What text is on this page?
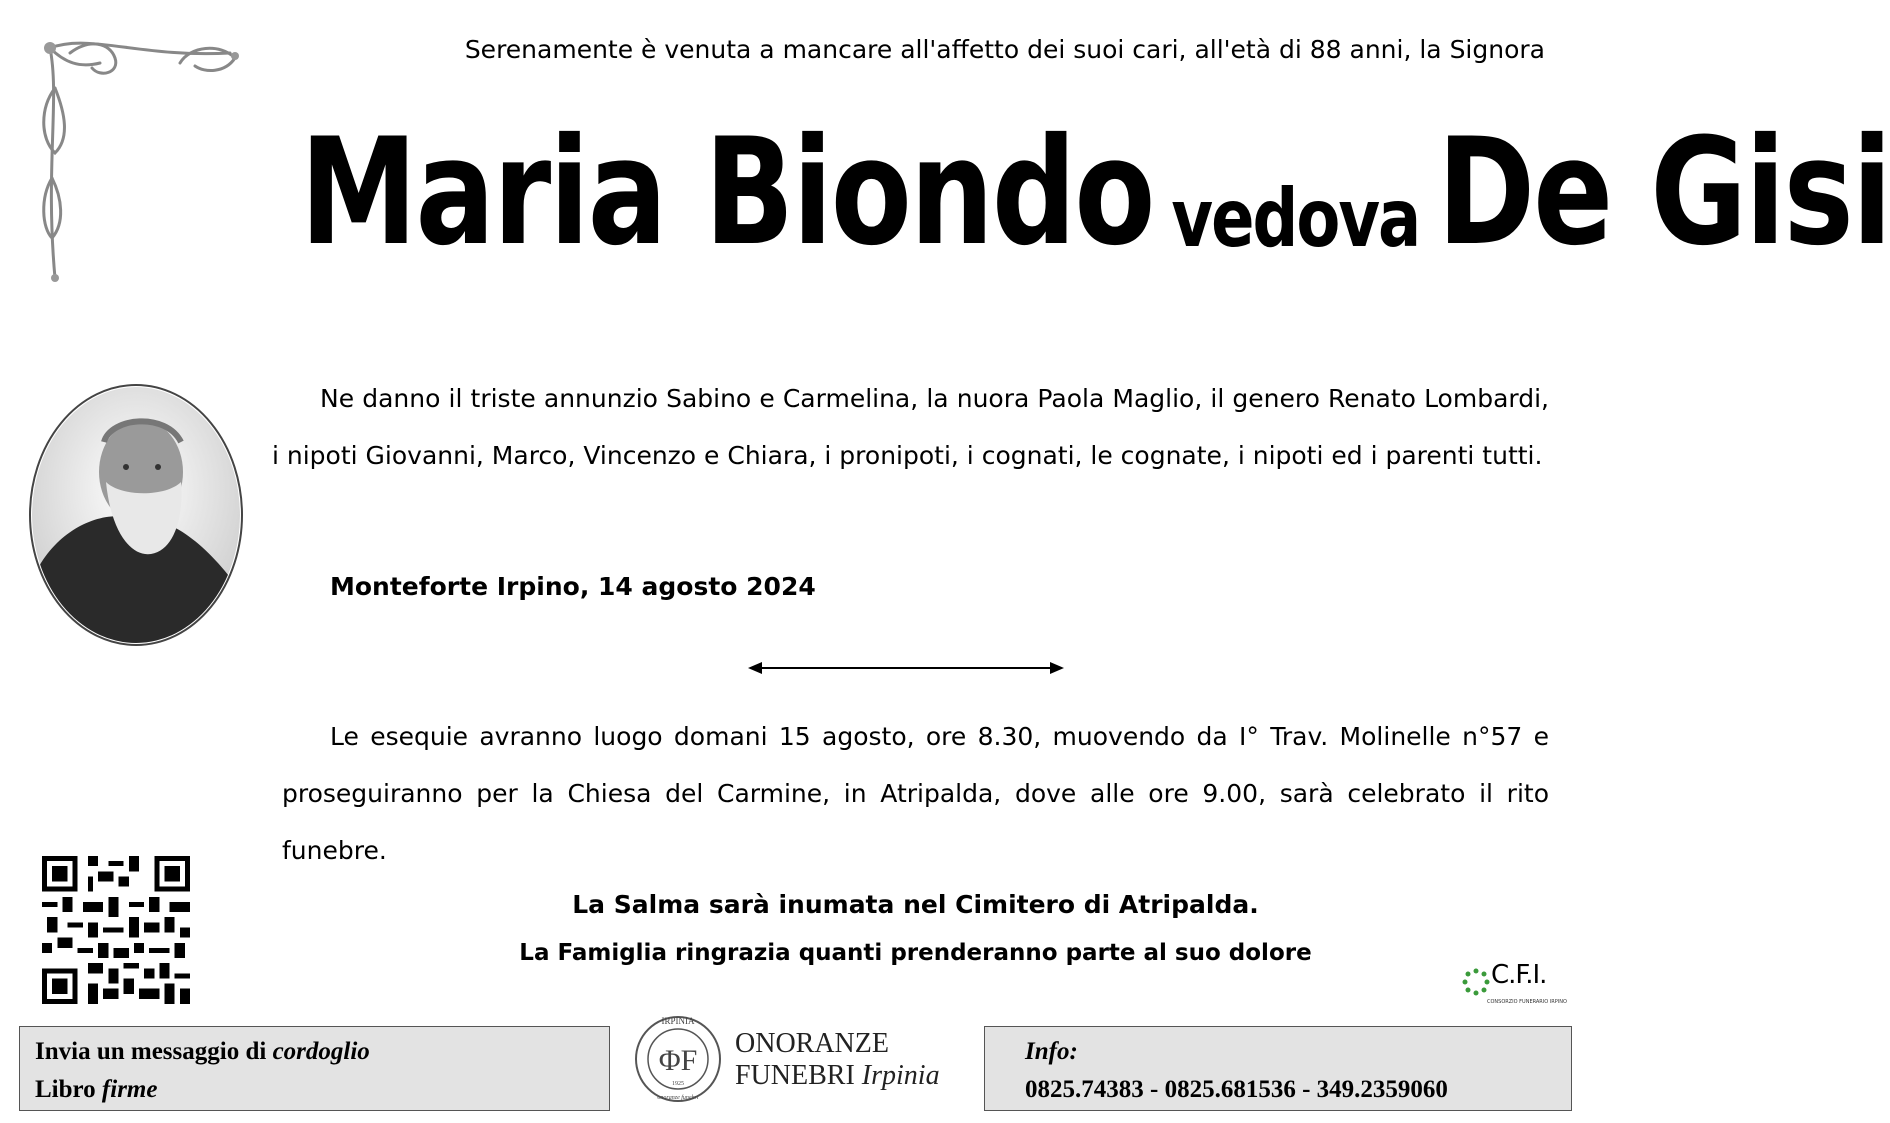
Serenamente è venuta a mancare all'affetto dei suoi cari, all'età di 88 anni, la Signora
Maria Biondo vedova De Gisi
Ne danno il triste annunzio Sabino e Carmelina, la nuora Paola Maglio, il genero Renato Lombardi, i nipoti Giovanni, Marco, Vincenzo e Chiara, i pronipoti, i cognati, le cognate, i nipoti ed i parenti tutti.
Monteforte Irpino, 14 agosto 2024
Le esequie avranno luogo domani 15 agosto, ore 8.30, muovendo da I° Trav. Molinelle n°57 e proseguiranno per la Chiesa del Carmine, in Atripalda, dove alle ore 9.00, sarà celebrato il rito funebre.
La Salma sarà inumata nel Cimitero di Atripalda.
La Famiglia ringrazia quanti prenderanno parte al suo dolore
C.F.I.
CONSORZIO FUNERARIO IRPINO
Invia un messaggio di cordoglio
Libro firme
IRPINIA
ΦF
1925
onoranze funebri
ONORANZE
FUNEBRI Irpinia
Info:
0825.74383 - 0825.681536 - 349.2359060
